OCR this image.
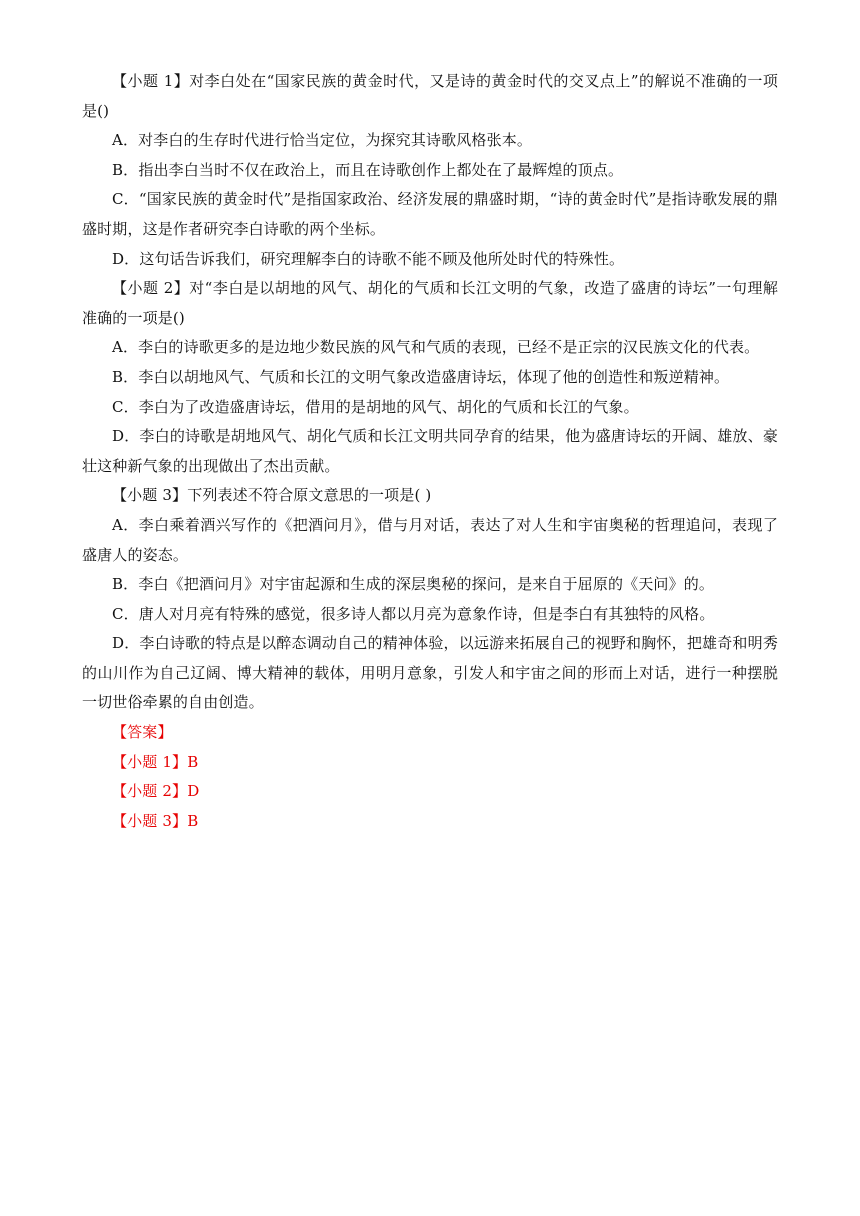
【小题 1】对李白处在“国家民族的黄金时代，又是诗的黄金时代的交叉点上”的解说不准确的一项是()

A．对李白的生存时代进行恰当定位，为探究其诗歌风格张本。

B．指出李白当时不仅在政治上，而且在诗歌创作上都处在了最辉煌的顶点。

C．“国家民族的黄金时代”是指国家政治、经济发展的鼎盛时期，“诗的黄金时代”是指诗歌发展的鼎盛时期，这是作者研究李白诗歌的两个坐标。

D．这句话告诉我们，研究理解李白的诗歌不能不顾及他所处时代的特殊性。

【小题 2】对“李白是以胡地的风气、胡化的气质和长江文明的气象，改造了盛唐的诗坛”一句理解准确的一项是()

A．李白的诗歌更多的是边地少数民族的风气和气质的表现，已经不是正宗的汉民族文化的代表。

B．李白以胡地风气、气质和长江的文明气象改造盛唐诗坛，体现了他的创造性和叛逆精神。

C．李白为了改造盛唐诗坛，借用的是胡地的风气、胡化的气质和长江的气象。

D．李白的诗歌是胡地风气、胡化气质和长江文明共同孕育的结果，他为盛唐诗坛的开阔、雄放、豪壮这种新气象的出现做出了杰出贡献。

【小题 3】下列表述不符合原文意思的一项是( )

A．李白乘着酒兴写作的《把酒问月》，借与月对话，表达了对人生和宇宙奥秘的哲理追问，表现了盛唐人的姿态。

B．李白《把酒问月》对宇宙起源和生成的深层奥秘的探问，是来自于屈原的《天问》的。

C．唐人对月亮有特殊的感觉，很多诗人都以月亮为意象作诗，但是李白有其独特的风格。

D．李白诗歌的特点是以醉态调动自己的精神体验，以远游来拓展自己的视野和胸怀，把雄奇和明秀的山川作为自己辽阔、博大精神的载体，用明月意象，引发人和宇宙之间的形而上对话，进行一种摆脱一切世俗牵累的自由创造。

【答案】

【小题 1】B

【小题 2】D

【小题 3】B
